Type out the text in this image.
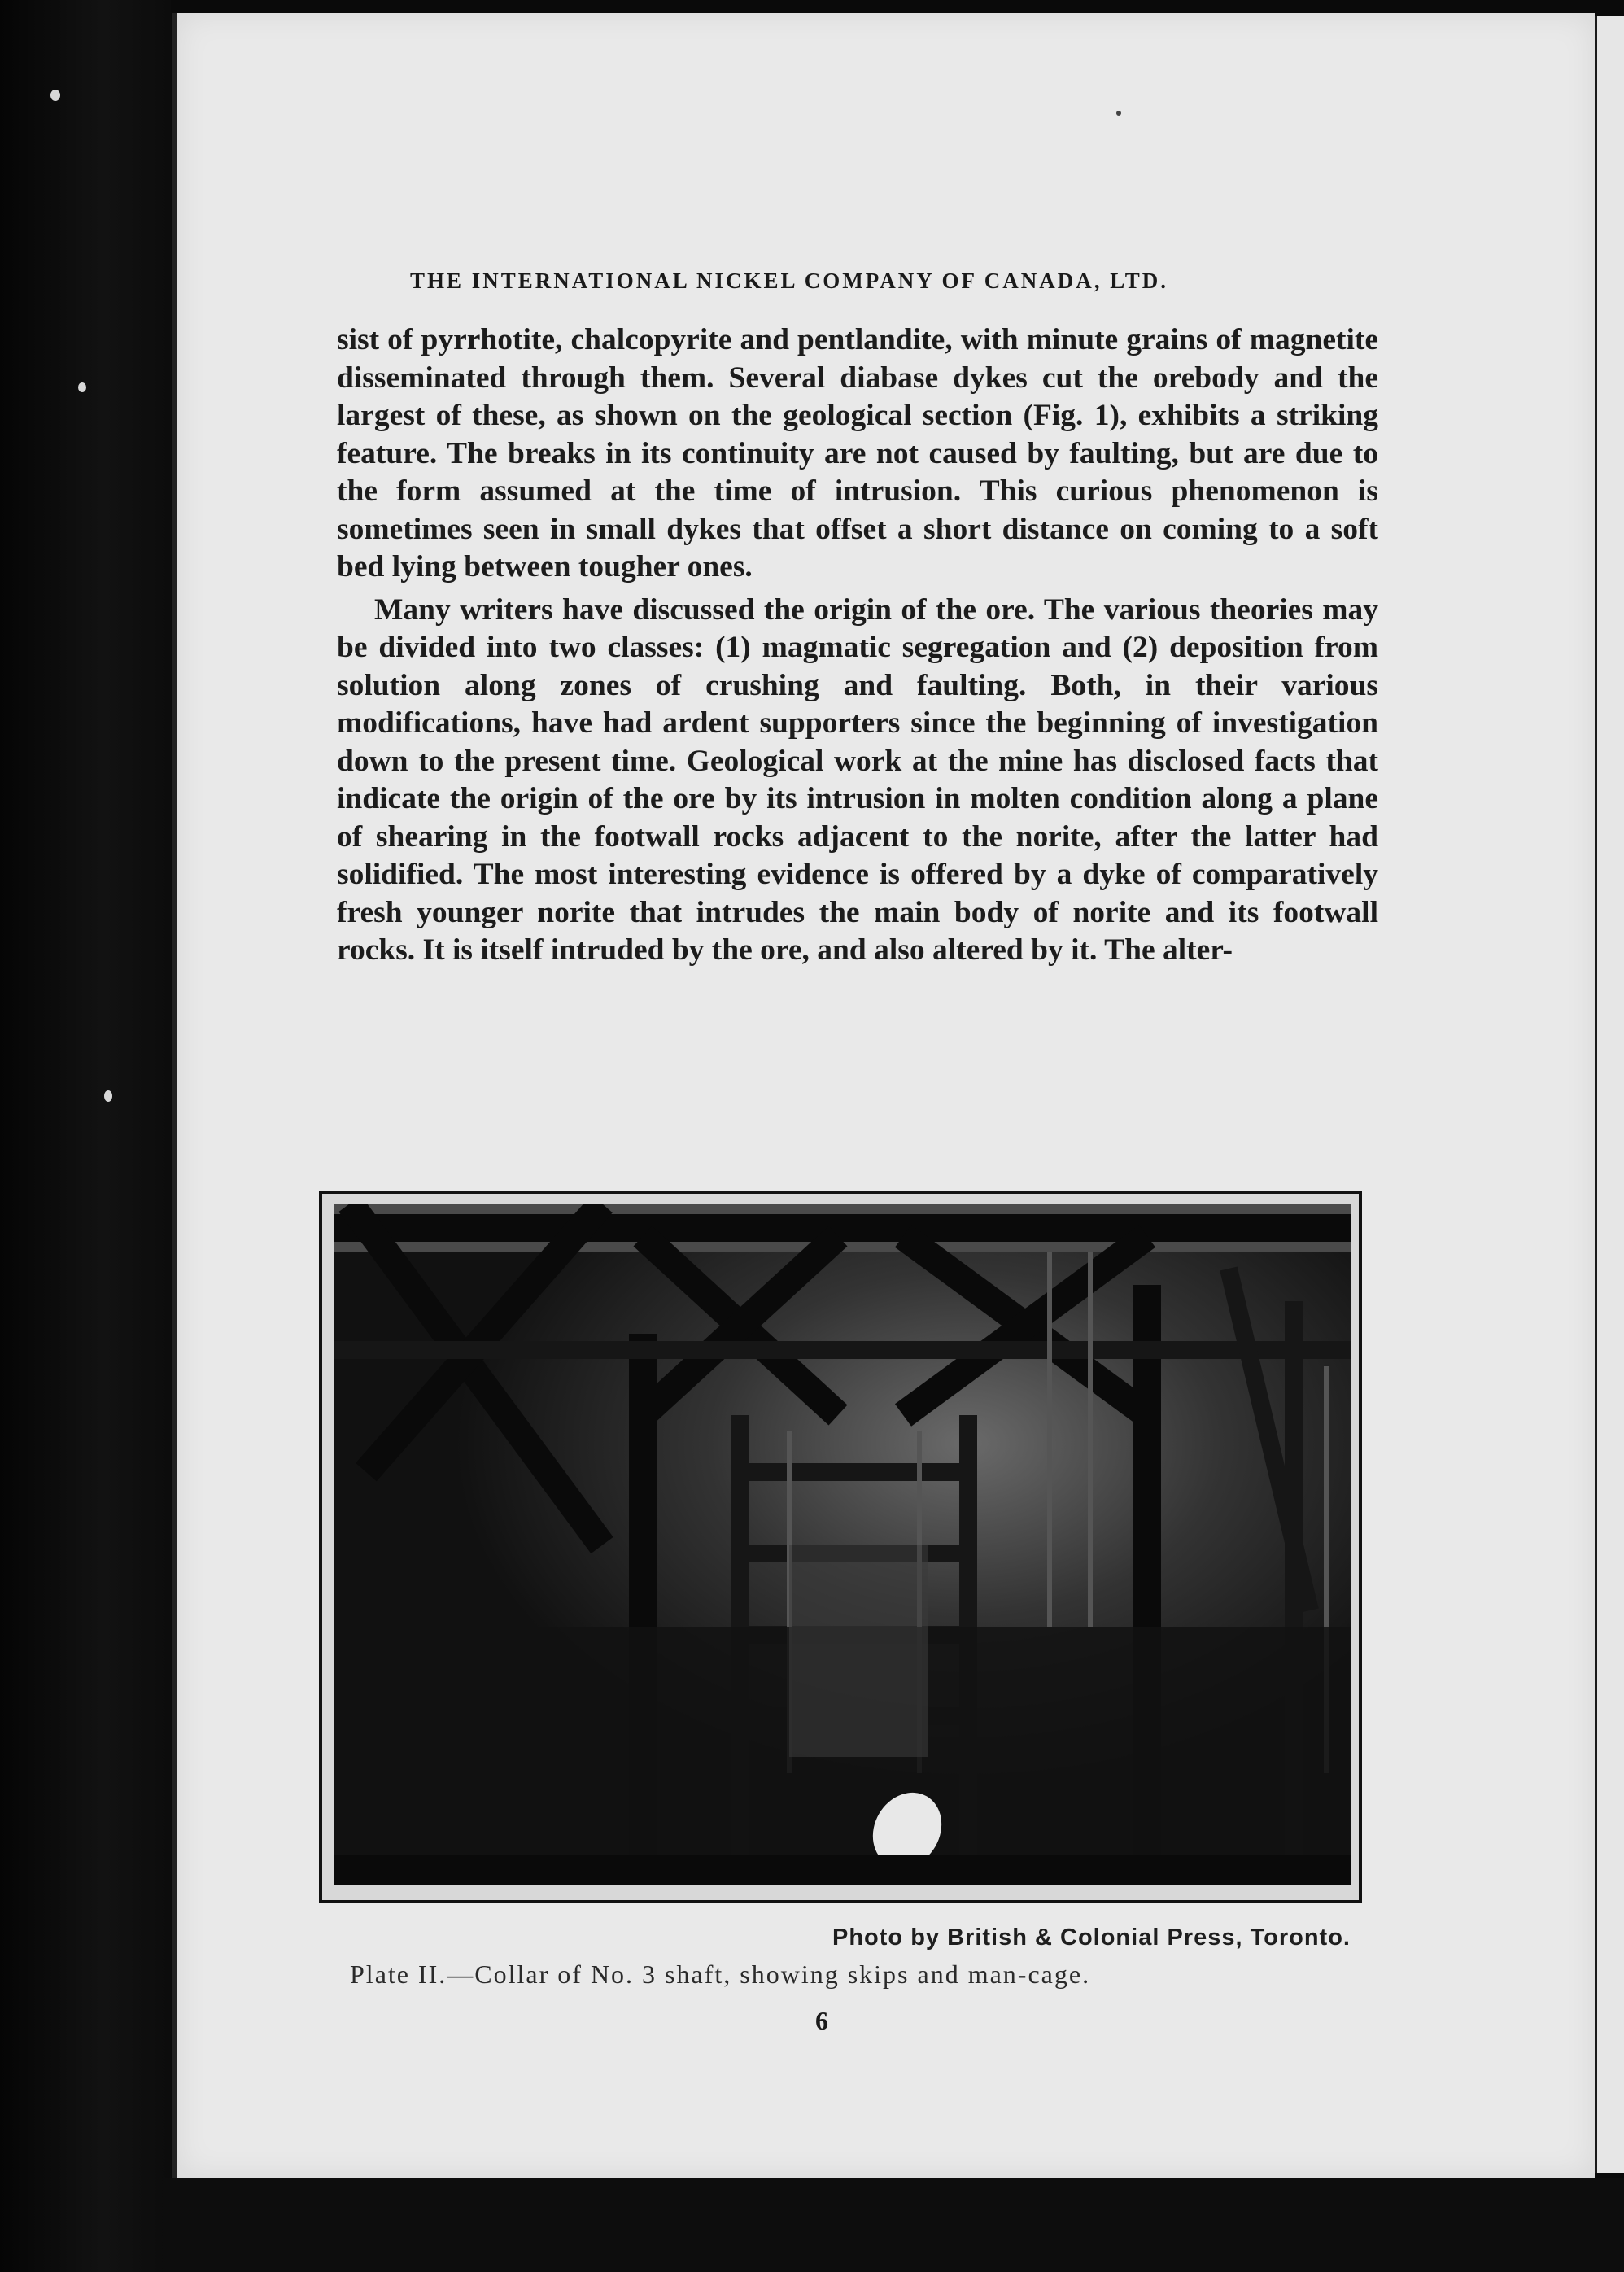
THE INTERNATIONAL NICKEL COMPANY OF CANADA, LTD.

sist of pyrrhotite, chalcopyrite and pentlandite, with minute grains of magnetite disseminated through them. Several diabase dykes cut the orebody and the largest of these, as shown on the geological section (Fig. 1), exhibits a striking feature. The breaks in its continuity are not caused by faulting, but are due to the form assumed at the time of intrusion. This curious phenomenon is sometimes seen in small dykes that offset a short distance on coming to a soft bed lying between tougher ones.

Many writers have discussed the origin of the ore. The various theories may be divided into two classes: (1) magmatic segregation and (2) deposition from solution along zones of crushing and faulting. Both, in their various modifications, have had ardent supporters since the beginning of investigation down to the present time. Geological work at the mine has disclosed facts that indicate the origin of the ore by its intrusion in molten condition along a plane of shearing in the footwall rocks adjacent to the norite, after the latter had solidified. The most interesting evidence is offered by a dyke of comparatively fresh younger norite that intrudes the main body of norite and its footwall rocks. It is itself intruded by the ore, and also altered by it. The alter-

Photo by British & Colonial Press, Toronto.
Plate II.—Collar of No. 3 shaft, showing skips and man-cage.
6
